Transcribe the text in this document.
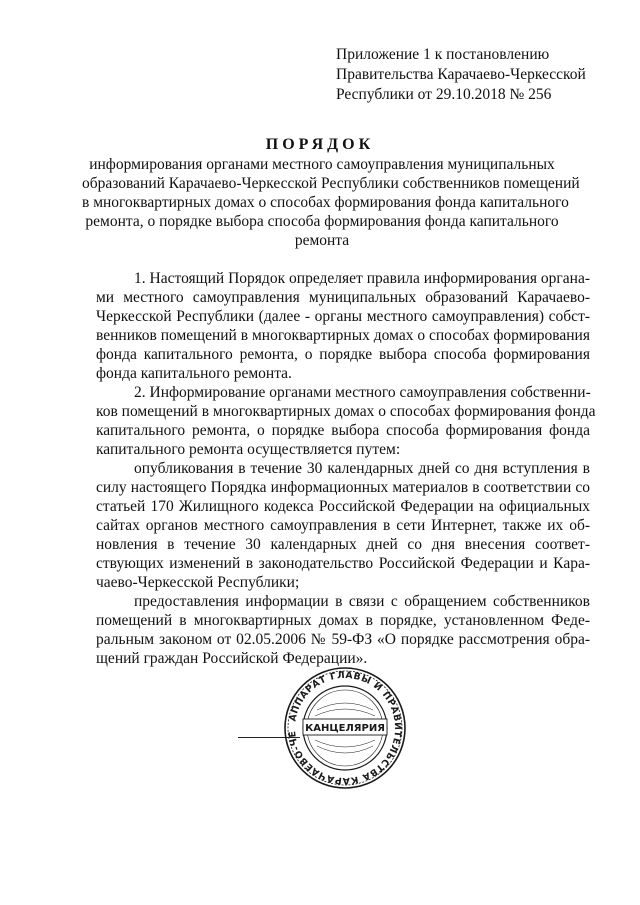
Приложение 1 к постановлению
Правительства Карачаево-Черкесской
Республики от 29.10.2018 № 256
ПОРЯДОК
информирования органами местного самоуправления муниципальных
образований Карачаево-Черкесской Республики собственников помещений
в многоквартирных домах о способах формирования фонда капитального
ремонта, о порядке выбора способа формирования фонда капитального
ремонта
1. Настоящий Порядок определяет правила информирования органа-
ми местного самоуправления муниципальных образований Карачаево-
Черкесской Республики (далее - органы местного самоуправления) собст-
венников помещений в многоквартирных домах о способах формирования
фонда капитального ремонта, о порядке выбора способа формирования
фонда капитального ремонта.
2. Информирование органами местного самоуправления собственни-
ков помещений в многоквартирных домах о способах формирования фонда
капитального ремонта, о порядке выбора способа формирования фонда
капитального ремонта осуществляется путем:
опубликования в течение 30 календарных дней со дня вступления в
силу настоящего Порядка информационных материалов в соответствии со
статьей 170 Жилищного кодекса Российской Федерации на официальных
сайтах органов местного самоуправления в сети Интернет, также их об-
новления в течение 30 календарных дней со дня внесения соответ-
ствующих изменений в законодательство Российской Федерации и Кара-
чаево-Черкесской Республики;
предоставления информации в связи с обращением собственников
помещений в многоквартирных домах в порядке, установленном Феде-
ральным законом от 02.05.2006 № 59-ФЗ «О порядке рассмотрения обра-
щений граждан Российской Федерации».
АППАРАТ ГЛАВЫ И ПРАВИТЕЛЬСТВА КАРАЧАЕВО-ЧЕ
КАНЦЕЛЯРИЯ
